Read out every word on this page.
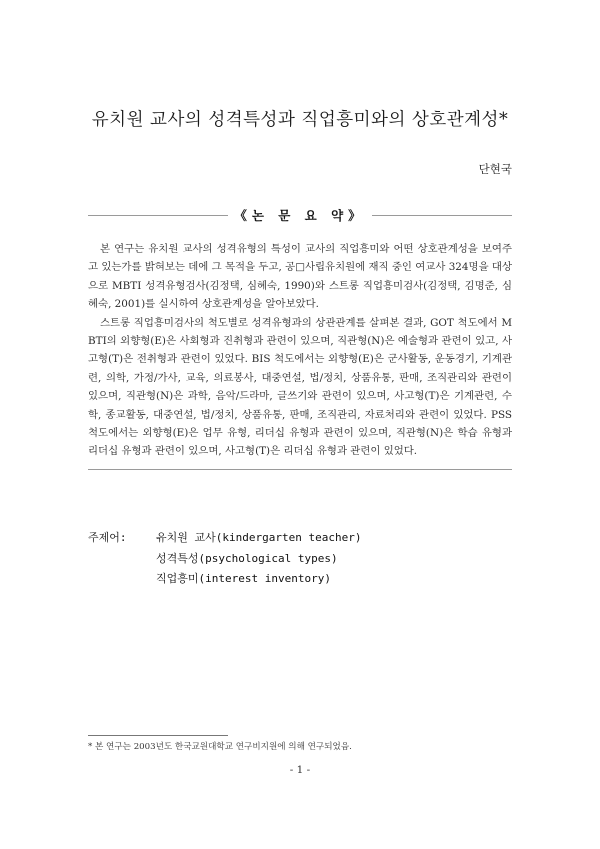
유치원 교사의 성격특성과 직업흥미와의 상호관계성*
단현국
《논 문 요 약》

본 연구는 유치원 교사의 성격유형의 특성이 교사의 직업흥미와 어떤 상호관계성을 보여주고 있는가를 밝혀보는 데에 그 목적을 두고, 공□사립유치원에 재직 중인 여교사 324명을 대상으로 MBTI 성격유형검사(김정택, 심혜숙, 1990)와 스트롱 직업흥미검사(김정택, 김명준, 심혜숙, 2001)를 실시하여 상호관계성을 알아보았다.

스트롱 직업흥미검사의 척도별로 성격유형과의 상관관계를 살펴본 결과, GOT 척도에서 MBTI의 외향형(E)은 사회형과 진취형과 관련이 있으며, 직관형(N)은 예술형과 관련이 있고, 사고형(T)은 전취형과 관련이 있었다. BIS 척도에서는 외향형(E)은 군사활동, 운동경기, 기계관련, 의학, 가정/가사, 교육, 의료봉사, 대중연설, 법/정치, 상품유통, 판매, 조직관리와 관련이 있으며, 직관형(N)은 과학, 음악/드라마, 글쓰기와 관련이 있으며, 사고형(T)은 기계관련, 수학, 종교활동, 대중연설, 법/정치, 상품유통, 판매, 조직관리, 자료처리와 관련이 있었다. PSS 척도에서는 외향형(E)은 업무 유형, 리더십 유형과 관련이 있으며, 직관형(N)은 학습 유형과 리더십 유형과 관련이 있으며, 사고형(T)은 리더십 유형과 관련이 있었다.

주제어:	유치원 교사(kindergarten teacher)
성격특성(psychological types)
직업흥미(interest inventory)
* 본 연구는 2003년도 한국교원대학교 연구비지원에 의해 연구되었음.
- 1 -
